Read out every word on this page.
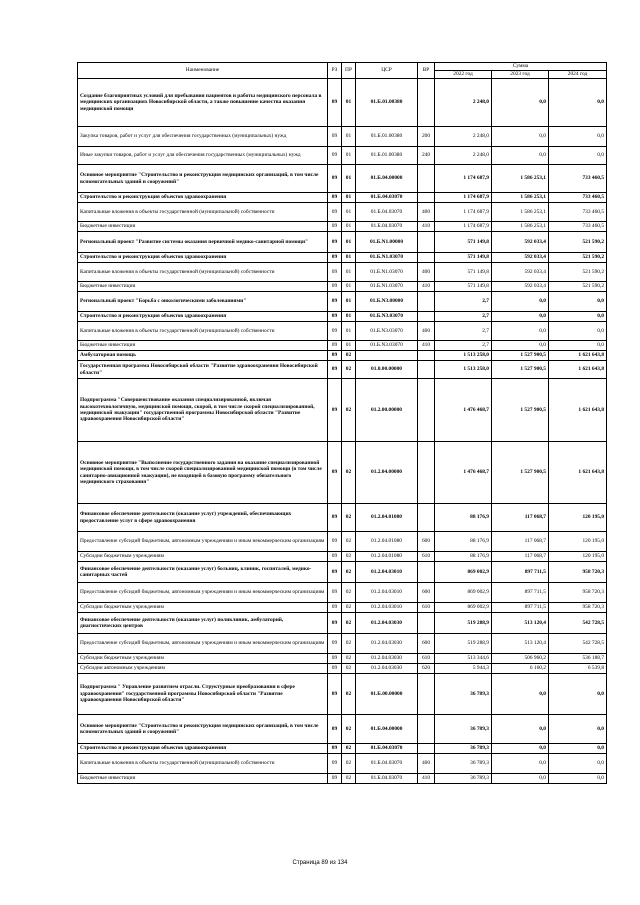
Наименование	РЗ	ПР	ЦСР	ВР	Сумма		
					2022 год	2023 год	2024 год
Создание благоприятных условий для пребывания пациентов и работы медицинского персонала в медицинских организациях Новосибирской области, а также повышение качества оказания медицинской помощи	09	01	01.Б.01.00380		2 248,0	0,0	0,0
Закупка товаров, работ и услуг для обеспечения государственных (муниципальных) нужд	09	01	01.Б.01.00380	200	2 248,0	0,0	0,0
Иные закупки товаров, работ и услуг для обеспечения государственных (муниципальных) нужд	09	01	01.Б.01.00380	240	2 248,0	0,0	0,0
Основное мероприятие "Строительство и реконструкция медицинских организаций, в том числе вспомогательных зданий и сооружений"	09	01	01.Б.04.00000		1 174 687,9	1 586 253,1	733 460,5
Строительство и реконструкция объектов здравоохранения	09	01	01.Б.04.03070		1 174 687,9	1 586 253,1	733 460,5
Капитальные вложения в объекты государственной (муниципальной) собственности	09	01	01.Б.04.03070	400	1 174 687,9	1 586 253,1	733 460,5
Бюджетные инвестиции	09	01	01.Б.04.03070	410	1 174 687,9	1 586 253,1	733 460,5
Региональный проект "Развитие системы оказания первичной медико-санитарной помощи"	09	01	01.Б.N1.00000		571 149,8	592 033,4	521 590,2
Строительство и реконструкция объектов здравоохранения	09	01	01.Б.N1.03070		571 149,8	592 033,4	521 590,2
Капитальные вложения в объекты государственной (муниципальной) собственности	09	01	01.Б.N1.03070	400	571 149,8	592 033,4	521 590,2
Бюджетные инвестиции	09	01	01.Б.N1.03070	410	571 149,8	592 033,4	521 590,2
Региональный проект "Борьба с онкологическими заболеваниями"	09	01	01.Б.N3.00000		2,7	0,0	0,0
Строительство и реконструкция объектов здравоохранения	09	01	01.Б.N3.03070		2,7	0,0	0,0
Капитальные вложения в объекты государственной (муниципальной) собственности	09	01	01.Б.N3.03070	400	2,7	0,0	0,0
Бюджетные инвестиции	09	01	01.Б.N3.03070	410	2,7	0,0	0,0
Амбулаторная помощь	09	02			1 513 258,0	1 527 900,5	1 621 643,8
Государственная программа Новосибирской области "Развитие здравоохранения Новосибирской области"	09	02	01.0.00.00000		1 513 258,0	1 527 900,5	1 621 643,8
Подпрограмма "Совершенствование оказания специализированной, включая высокотехнологичную, медицинской помощи, скорой, в том числе скорой специализированной, медицинской эвакуации" государственной программы Новосибирской области "Развитие здравоохранения Новосибирской области"	09	02	01.2.00.00000		1 476 468,7	1 527 900,5	1 621 643,8
Основное мероприятие "Выполнение государственного задания на оказание специализированной медицинской помощи, в том числе скорой специализированной медицинской помощи (в том числе санитарно-авиационной эвакуации), не входящей в базовую программу обязательного медицинского страхования"	09	02	01.2.04.00000		1 476 468,7	1 527 900,5	1 621 643,8
Финансовое обеспечение деятельности (оказание услуг) учреждений, обеспечивающих предоставление услуг в сфере здравоохранения	09	02	01.2.04.01080		88 176,9	117 068,7	120 195,0
Предоставление субсидий бюджетным, автономным учреждениям и иным некоммерческим организациям	09	02	01.2.04.01080	600	88 176,9	117 068,7	120 195,0
Субсидии бюджетным учреждениям	09	02	01.2.04.01080	610	88 176,9	117 068,7	120 195,0
Финансовое обеспечение деятельности (оказание услуг) больниц, клиник, госпиталей, медико-санитарных частей	09	02	01.2.04.03010		869 002,9	897 711,5	958 720,3
Предоставление субсидий бюджетным, автономным учреждениям и иным некоммерческим организациям	09	02	01.2.04.03010	600	869 002,9	897 711,5	958 720,3
Субсидии бюджетным учреждениям	09	02	01.2.04.03010	610	869 002,9	897 711,5	958 720,3
Финансовое обеспечение деятельности (оказание услуг) поликлиник, амбулаторий, диагностических центров	09	02	01.2.04.03030		519 288,9	513 120,4	542 728,5
Предоставление субсидий бюджетным, автономным учреждениям и иным некоммерческим организациям	09	02	01.2.04.03030	600	519 288,9	513 120,4	542 728,5
Субсидии бюджетным учреждениям	09	02	01.2.04.03030	610	513 344,6	506 960,2	536 188,7
Субсидии автономным учреждениям	09	02	01.2.04.03030	620	5 944,3	6 160,2	6 539,8
Подпрограмма " Управление развитием отрасли. Структурные преобразования в сфере здравоохранения" государственной программы Новосибирской области "Развитие здравоохранения Новосибирской области"	09	02	01.Б.00.00000		36 789,3	0,0	0,0
Основное мероприятие "Строительство и реконструкция медицинских организаций, в том числе вспомогательных зданий и сооружений"	09	02	01.Б.04.00000		36 789,3	0,0	0,0
Строительство и реконструкция объектов здравоохранения	09	02	01.Б.04.03070		36 789,3	0,0	0,0
Капитальные вложения в объекты государственной (муниципальной) собственности	09	02	01.Б.04.03070	400	36 789,3	0,0	0,0
Бюджетные инвестиции	09	02	01.Б.04.03070	410	36 789,3	0,0	0,0
Страница 89 из 134
